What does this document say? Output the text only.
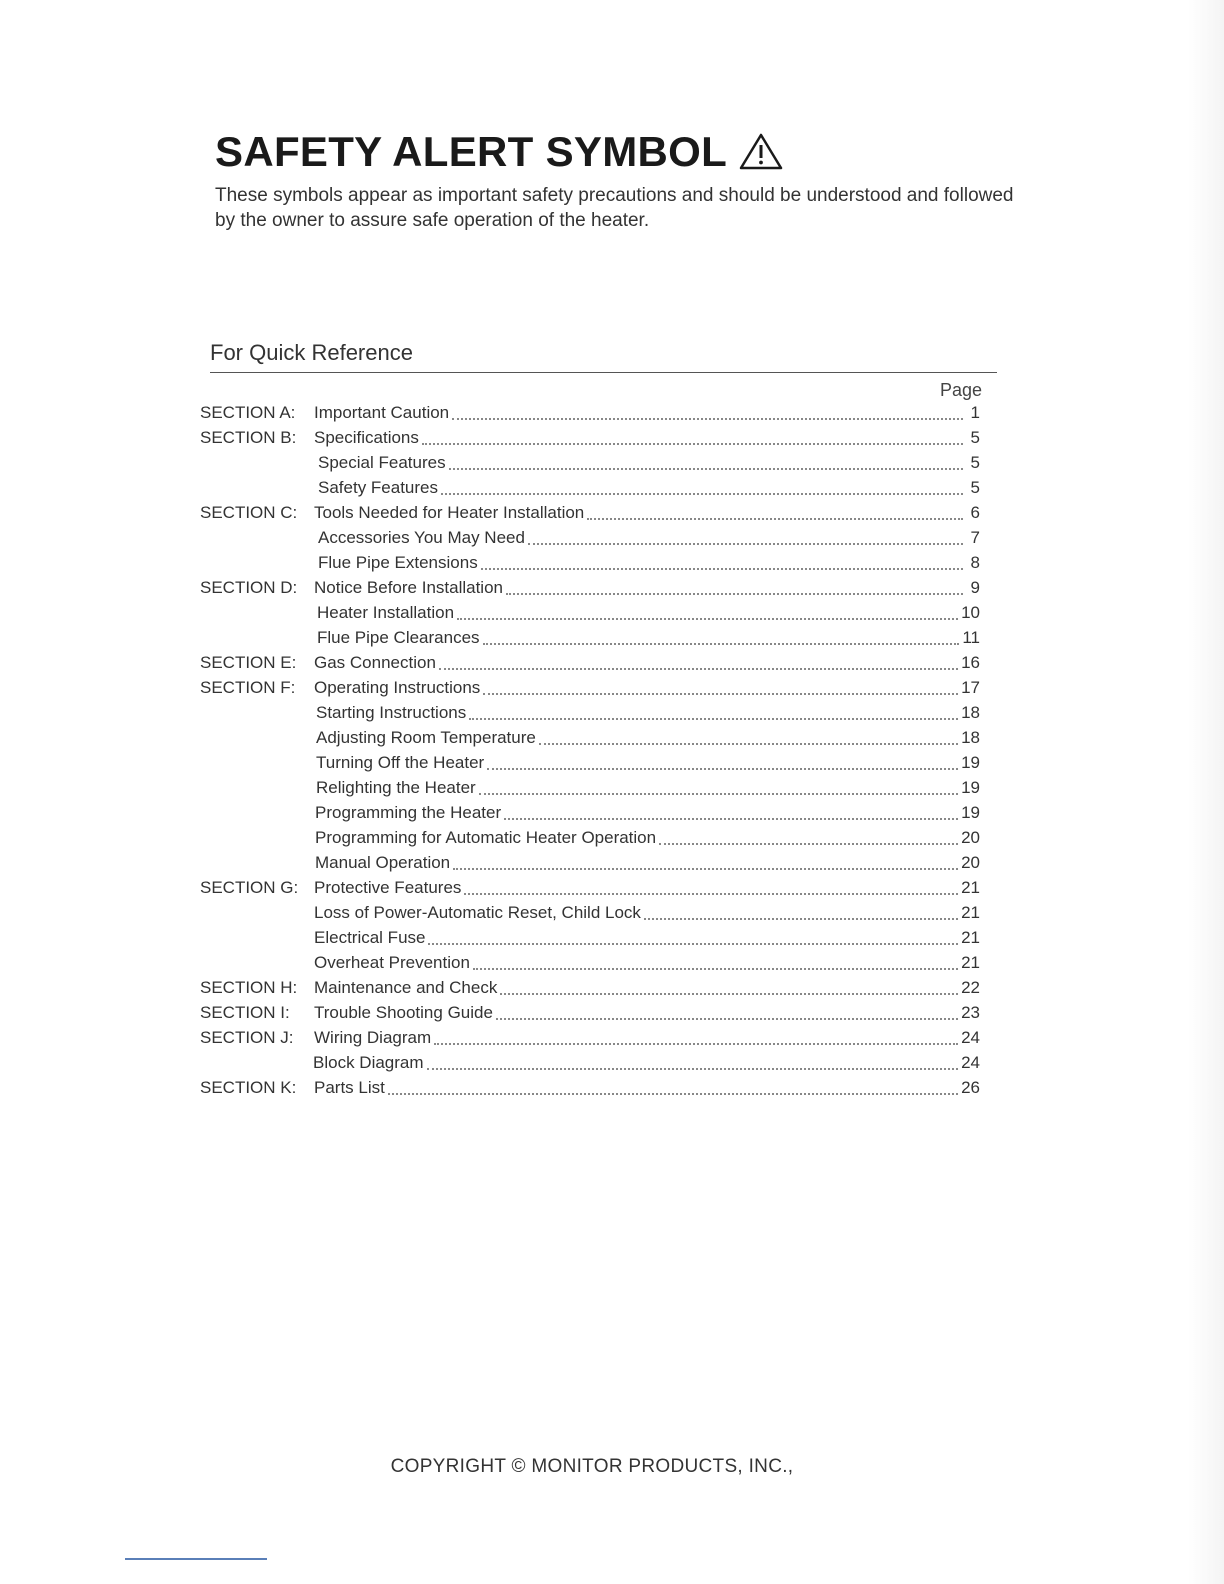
SAFETY ALERT SYMBOL
These symbols appear as important safety precautions and should be understood and followed by the owner to assure safe operation of the heater.
For Quick Reference
Page
SECTION A:	Important Caution	1
SECTION B:	Specifications	5
Special Features	5
Safety Features	5
SECTION C: Tools Needed for Heater Installation	6
Accessories You May Need	7
Flue Pipe Extensions	8
SECTION D: Notice Before Installation	9
Heater Installation	10
Flue Pipe Clearances	11
SECTION E:	Gas Connection	16
SECTION F:	Operating Instructions	17
Starting Instructions	18
Adjusting Room Temperature	18
Turning Off the Heater	19
Relighting the Heater	19
Programming the Heater	19
Programming for Automatic Heater Operation	20
Manual Operation	20
SECTION G: Protective Features	21
Loss of Power-Automatic Reset, Child Lock	21
Electrical Fuse	21
Overheat Prevention	21
SECTION H: Maintenance and Check	22
SECTION I:	Trouble Shooting Guide	23
SECTION J:	Wiring Diagram	24
Block Diagram	24
SECTION K:	Parts List	26
COPYRIGHT © MONITOR PRODUCTS, INC.,
